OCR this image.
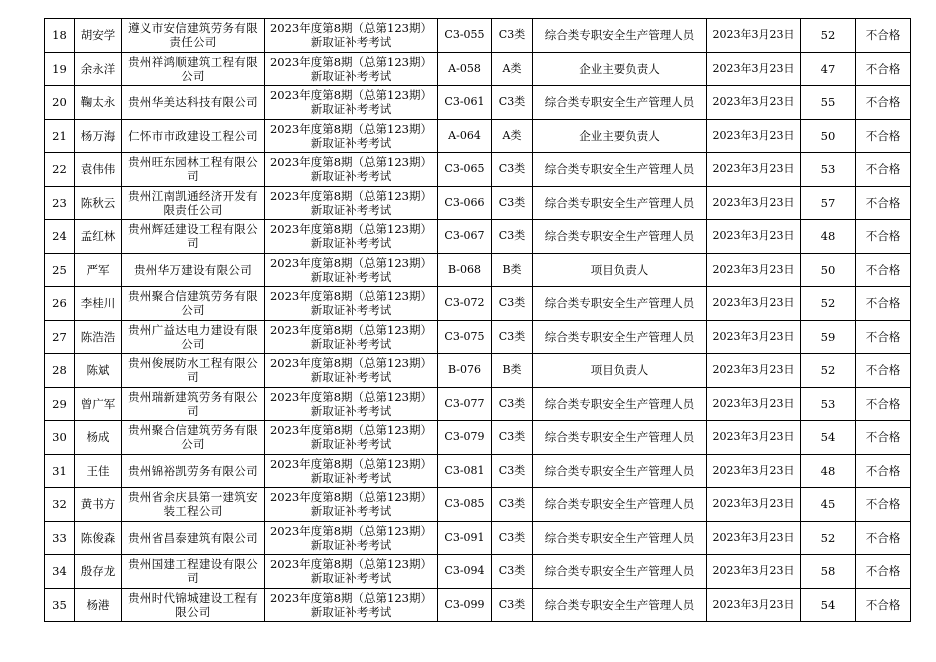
18	胡安学	遵义市安信建筑劳务有限责任公司	2023年度第8期（总第123期）新取证补考考试	C3-055	C3类	综合类专职安全生产管理人员	2023年3月23日	52	不合格
19	余永洋	贵州祥鸿顺建筑工程有限公司	2023年度第8期（总第123期）新取证补考考试	A-058	A类	企业主要负责人	2023年3月23日	47	不合格
20	鞠太永	贵州华美达科技有限公司	2023年度第8期（总第123期）新取证补考考试	C3-061	C3类	综合类专职安全生产管理人员	2023年3月23日	55	不合格
21	杨万海	仁怀市市政建设工程公司	2023年度第8期（总第123期）新取证补考考试	A-064	A类	企业主要负责人	2023年3月23日	50	不合格
22	袁伟伟	贵州旺东园林工程有限公司	2023年度第8期（总第123期）新取证补考考试	C3-065	C3类	综合类专职安全生产管理人员	2023年3月23日	53	不合格
23	陈秋云	贵州江南凯通经济开发有限责任公司	2023年度第8期（总第123期）新取证补考考试	C3-066	C3类	综合类专职安全生产管理人员	2023年3月23日	57	不合格
24	孟红林	贵州辉廷建设工程有限公司	2023年度第8期（总第123期）新取证补考考试	C3-067	C3类	综合类专职安全生产管理人员	2023年3月23日	48	不合格
25	严军	贵州华万建设有限公司	2023年度第8期（总第123期）新取证补考考试	B-068	B类	项目负责人	2023年3月23日	50	不合格
26	李桂川	贵州聚合信建筑劳务有限公司	2023年度第8期（总第123期）新取证补考考试	C3-072	C3类	综合类专职安全生产管理人员	2023年3月23日	52	不合格
27	陈浩浩	贵州广益达电力建设有限公司	2023年度第8期（总第123期）新取证补考考试	C3-075	C3类	综合类专职安全生产管理人员	2023年3月23日	59	不合格
28	陈斌	贵州俊展防水工程有限公司	2023年度第8期（总第123期）新取证补考考试	B-076	B类	项目负责人	2023年3月23日	52	不合格
29	曾广军	贵州瑞新建筑劳务有限公司	2023年度第8期（总第123期）新取证补考考试	C3-077	C3类	综合类专职安全生产管理人员	2023年3月23日	53	不合格
30	杨成	贵州聚合信建筑劳务有限公司	2023年度第8期（总第123期）新取证补考考试	C3-079	C3类	综合类专职安全生产管理人员	2023年3月23日	54	不合格
31	王佳	贵州锦裕凯劳务有限公司	2023年度第8期（总第123期）新取证补考考试	C3-081	C3类	综合类专职安全生产管理人员	2023年3月23日	48	不合格
32	黄书方	贵州省余庆县第一建筑安装工程公司	2023年度第8期（总第123期）新取证补考考试	C3-085	C3类	综合类专职安全生产管理人员	2023年3月23日	45	不合格
33	陈俊森	贵州省昌泰建筑有限公司	2023年度第8期（总第123期）新取证补考考试	C3-091	C3类	综合类专职安全生产管理人员	2023年3月23日	52	不合格
34	殷存龙	贵州国建工程建设有限公司	2023年度第8期（总第123期）新取证补考考试	C3-094	C3类	综合类专职安全生产管理人员	2023年3月23日	58	不合格
35	杨港	贵州时代锦城建设工程有限公司	2023年度第8期（总第123期）新取证补考考试	C3-099	C3类	综合类专职安全生产管理人员	2023年3月23日	54	不合格
